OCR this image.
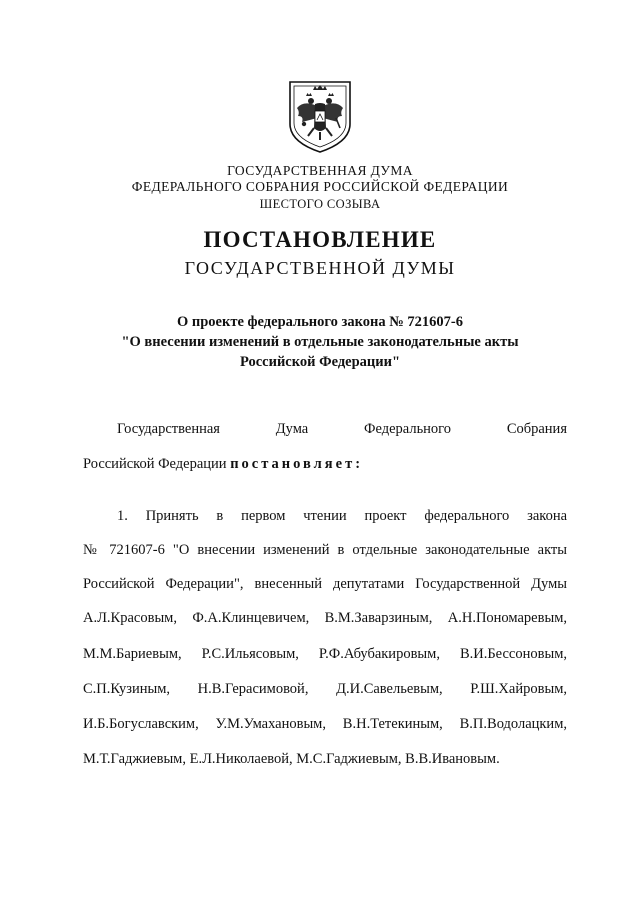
ГОСУДАРСТВЕННАЯ ДУМА
ФЕДЕРАЛЬНОГО СОБРАНИЯ РОССИЙСКОЙ ФЕДЕРАЦИИ
ШЕСТОГО СОЗЫВА
ПОСТАНОВЛЕНИЕ
ГОСУДАРСТВЕННОЙ ДУМЫ
О проекте федерального закона № 721607-6
"О внесении изменений в отдельные законодательные акты
Российской Федерации"
Государственная	Дума	Федерального	Собрания
Российской Федерации постановляет:
1. Принять в первом чтении проект федерального закона
№ 721607-6 "О внесении изменений в отдельные законодательные акты
Российской Федерации", внесенный депутатами Государственной Думы
А.Л.Красовым, Ф.А.Клинцевичем, В.М.Заварзиным, А.Н.Пономаревым,
М.М.Бариевым, Р.С.Ильясовым, Р.Ф.Абубакировым, В.И.Бессоновым,
С.П.Кузиным, Н.В.Герасимовой, Д.И.Савельевым, Р.Ш.Хайровым,
И.Б.Богуславским, У.М.Умахановым, В.Н.Тетекиным, В.П.Водолацким,
М.Т.Гаджиевым, Е.Л.Николаевой, М.С.Гаджиевым, В.В.Ивановым.
